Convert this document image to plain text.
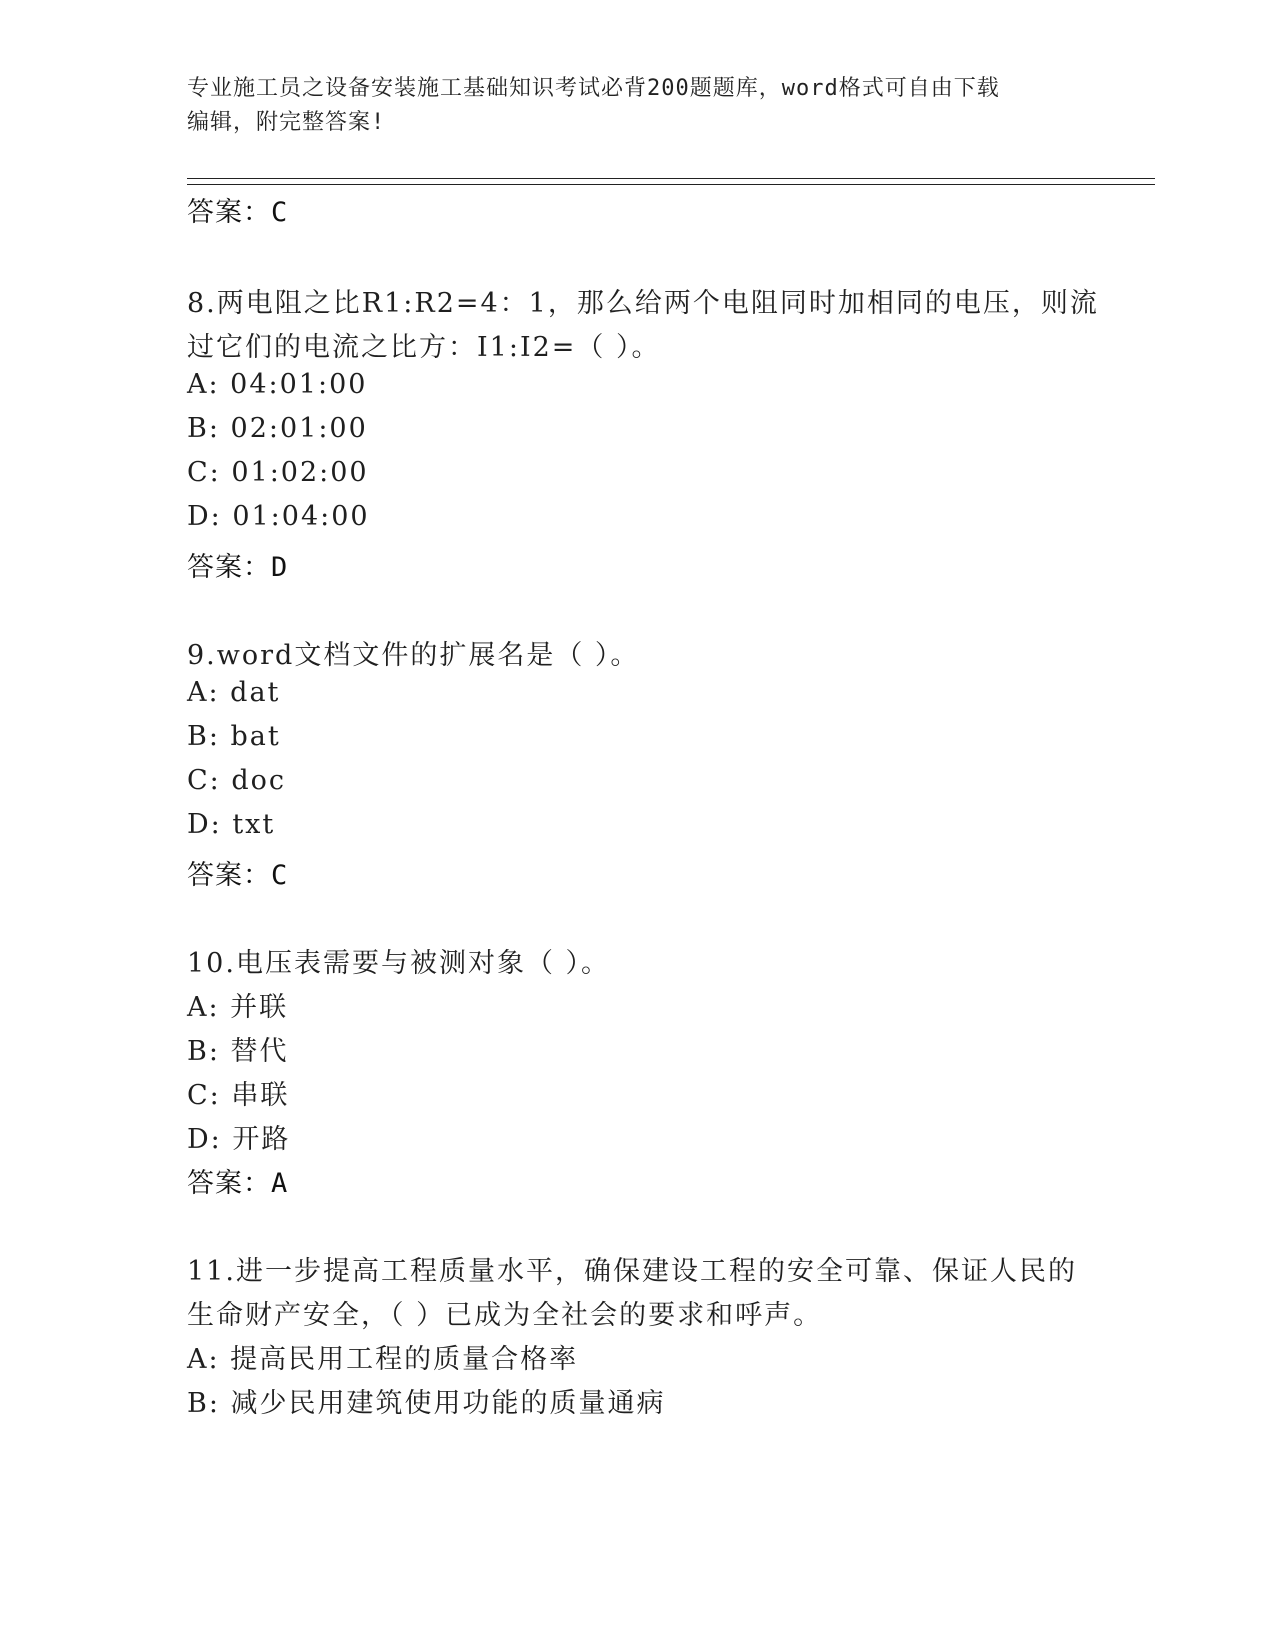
专业施工员之设备安装施工基础知识考试必背200题题库，word格式可自由下载
编辑，附完整答案!
答案：C
8.两电阻之比R1:R2=4：1，那么给两个电阻同时加相同的电压，则流
过它们的电流之比方：I1:I2=（ ）。
A: 04:01:00
B: 02:01:00
C: 01:02:00
D: 01:04:00
答案：D
9.word文档文件的扩展名是（ ）。
A: dat
B: bat
C: doc
D: txt
答案：C
10.电压表需要与被测对象（ ）。
A: 并联
B: 替代
C: 串联
D: 开路
答案：A
11.进一步提高工程质量水平，确保建设工程的安全可靠、保证人民的
生命财产安全，（ ）已成为全社会的要求和呼声。
A: 提高民用工程的质量合格率
B: 减少民用建筑使用功能的质量通病
